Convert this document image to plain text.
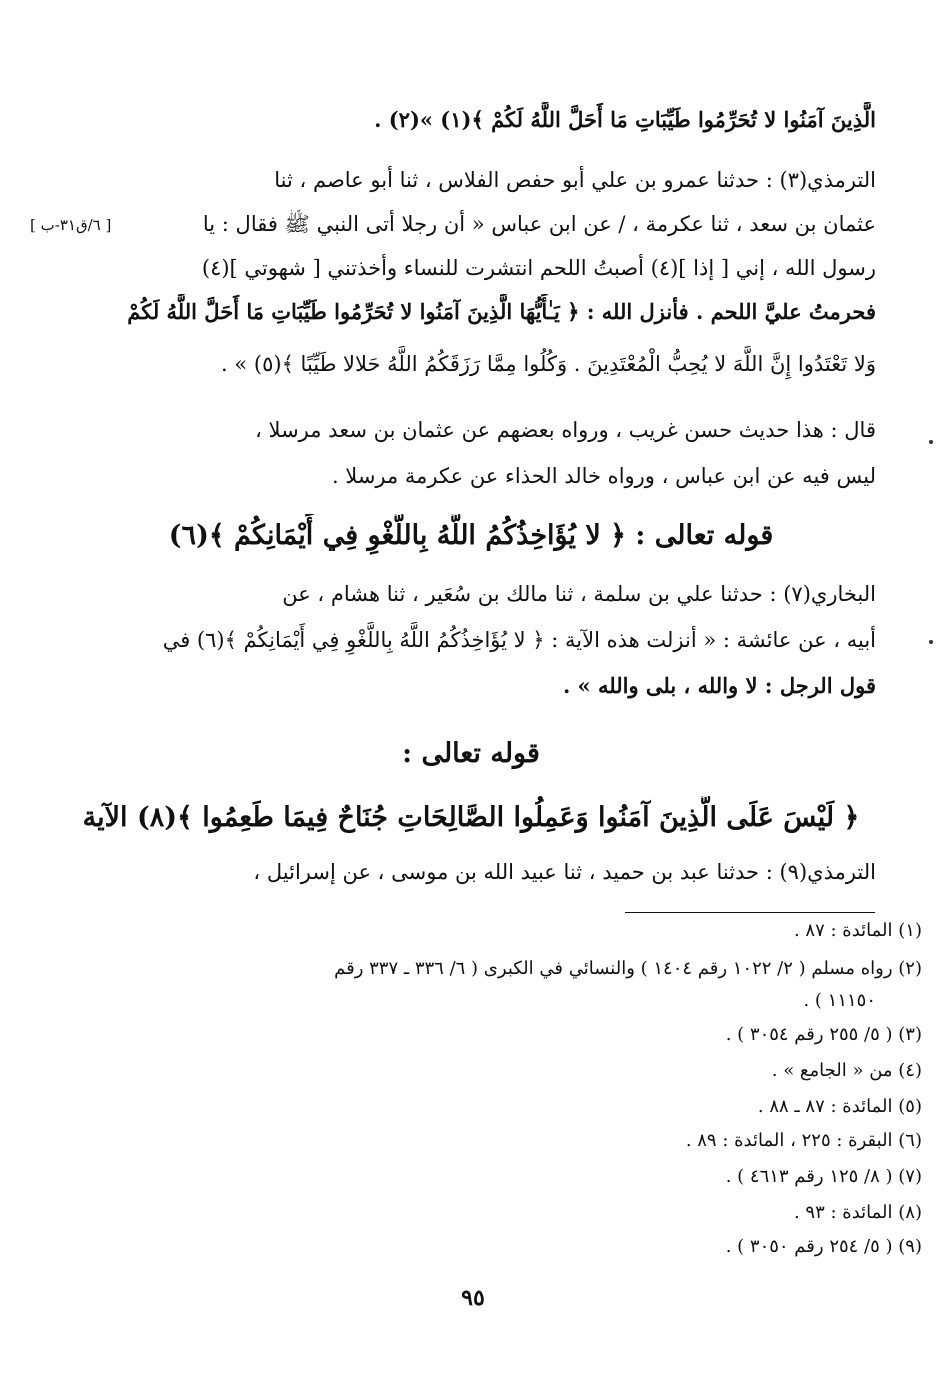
الَّذِينَ آمَنُوا لا تُحَرِّمُوا طَيِّبَاتِ مَا أَحَلَّ اللَّهُ لَكُمْ ﴾(١) »(٢) .
الترمذي(٣) : حدثنا عمرو بن علي أبو حفص الفلاس ، ثنا أبو عاصم ، ثنا
عثمان بن سعد ، ثنا عكرمة ، / عن ابن عباس « أن رجلا أتى النبي ﷺ فقال : يا
رسول الله ، إني [ إذا ](٤) أصبتُ اللحم انتشرت للنساء وأخذتني [ شهوتي ](٤)
فحرمتُ عليَّ اللحم . فأنزل الله : ﴿ يَـٰأَيُّهَا الَّذِينَ آمَنُوا لا تُحَرِّمُوا طَيِّبَاتِ مَا أَحَلَّ اللَّهُ لَكُمْ
وَلا تَعْتَدُوا إِنَّ اللَّهَ لا يُحِبُّ الْمُعْتَدِينَ . وَكُلُوا مِمَّا رَزَقَكُمُ اللَّهُ حَلالا طَيِّبًا ﴾(٥) » .
[ ٦/ق٣١-ب ]
قال : هذا حديث حسن غريب ، ورواه بعضهم عن عثمان بن سعد مرسلا ،
ليس فيه عن ابن عباس ، ورواه خالد الحذاء عن عكرمة مرسلا .
قوله تعالى : ﴿ لا يُؤَاخِذُكُمُ اللَّهُ بِاللَّغْوِ فِي أَيْمَانِكُمْ ﴾(٦)
البخاري(٧) : حدثنا علي بن سلمة ، ثنا مالك بن سُعَير ، ثنا هشام ، عن
أبيه ، عن عائشة : « أنزلت هذه الآية : ﴿ لا يُؤَاخِذُكُمُ اللَّهُ بِاللَّغْوِ فِي أَيْمَانِكُمْ ﴾(٦) في
قول الرجل : لا والله ، بلى والله » .
قوله تعالى :
﴿ لَيْسَ عَلَى الَّذِينَ آمَنُوا وَعَمِلُوا الصَّالِحَاتِ جُنَاحٌ فِيمَا طَعِمُوا ﴾(٨) الآية
الترمذي(٩) : حدثنا عبد بن حميد ، ثنا عبيد الله بن موسى ، عن إسرائيل ،
(١) المائدة : ٨٧ .
(٢) رواه مسلم ( ٢/ ١٠٢٢ رقم ١٤٠٤ ) والنسائي في الكبرى ( ٦/ ٣٣٦ ـ ٣٣٧ رقم
١١١٥٠ ) .
(٣) ( ٥/ ٢٥٥ رقم ٣٠٥٤ ) .
(٤) من « الجامع » .
(٥) المائدة : ٨٧ ـ ٨٨ .
(٦) البقرة : ٢٢٥ ، المائدة : ٨٩ .
(٧) ( ٨/ ١٢٥ رقم ٤٦١٣ ) .
(٨) المائدة : ٩٣ .
(٩) ( ٥/ ٢٥٤ رقم ٣٠٥٠ ) .
٩٥
